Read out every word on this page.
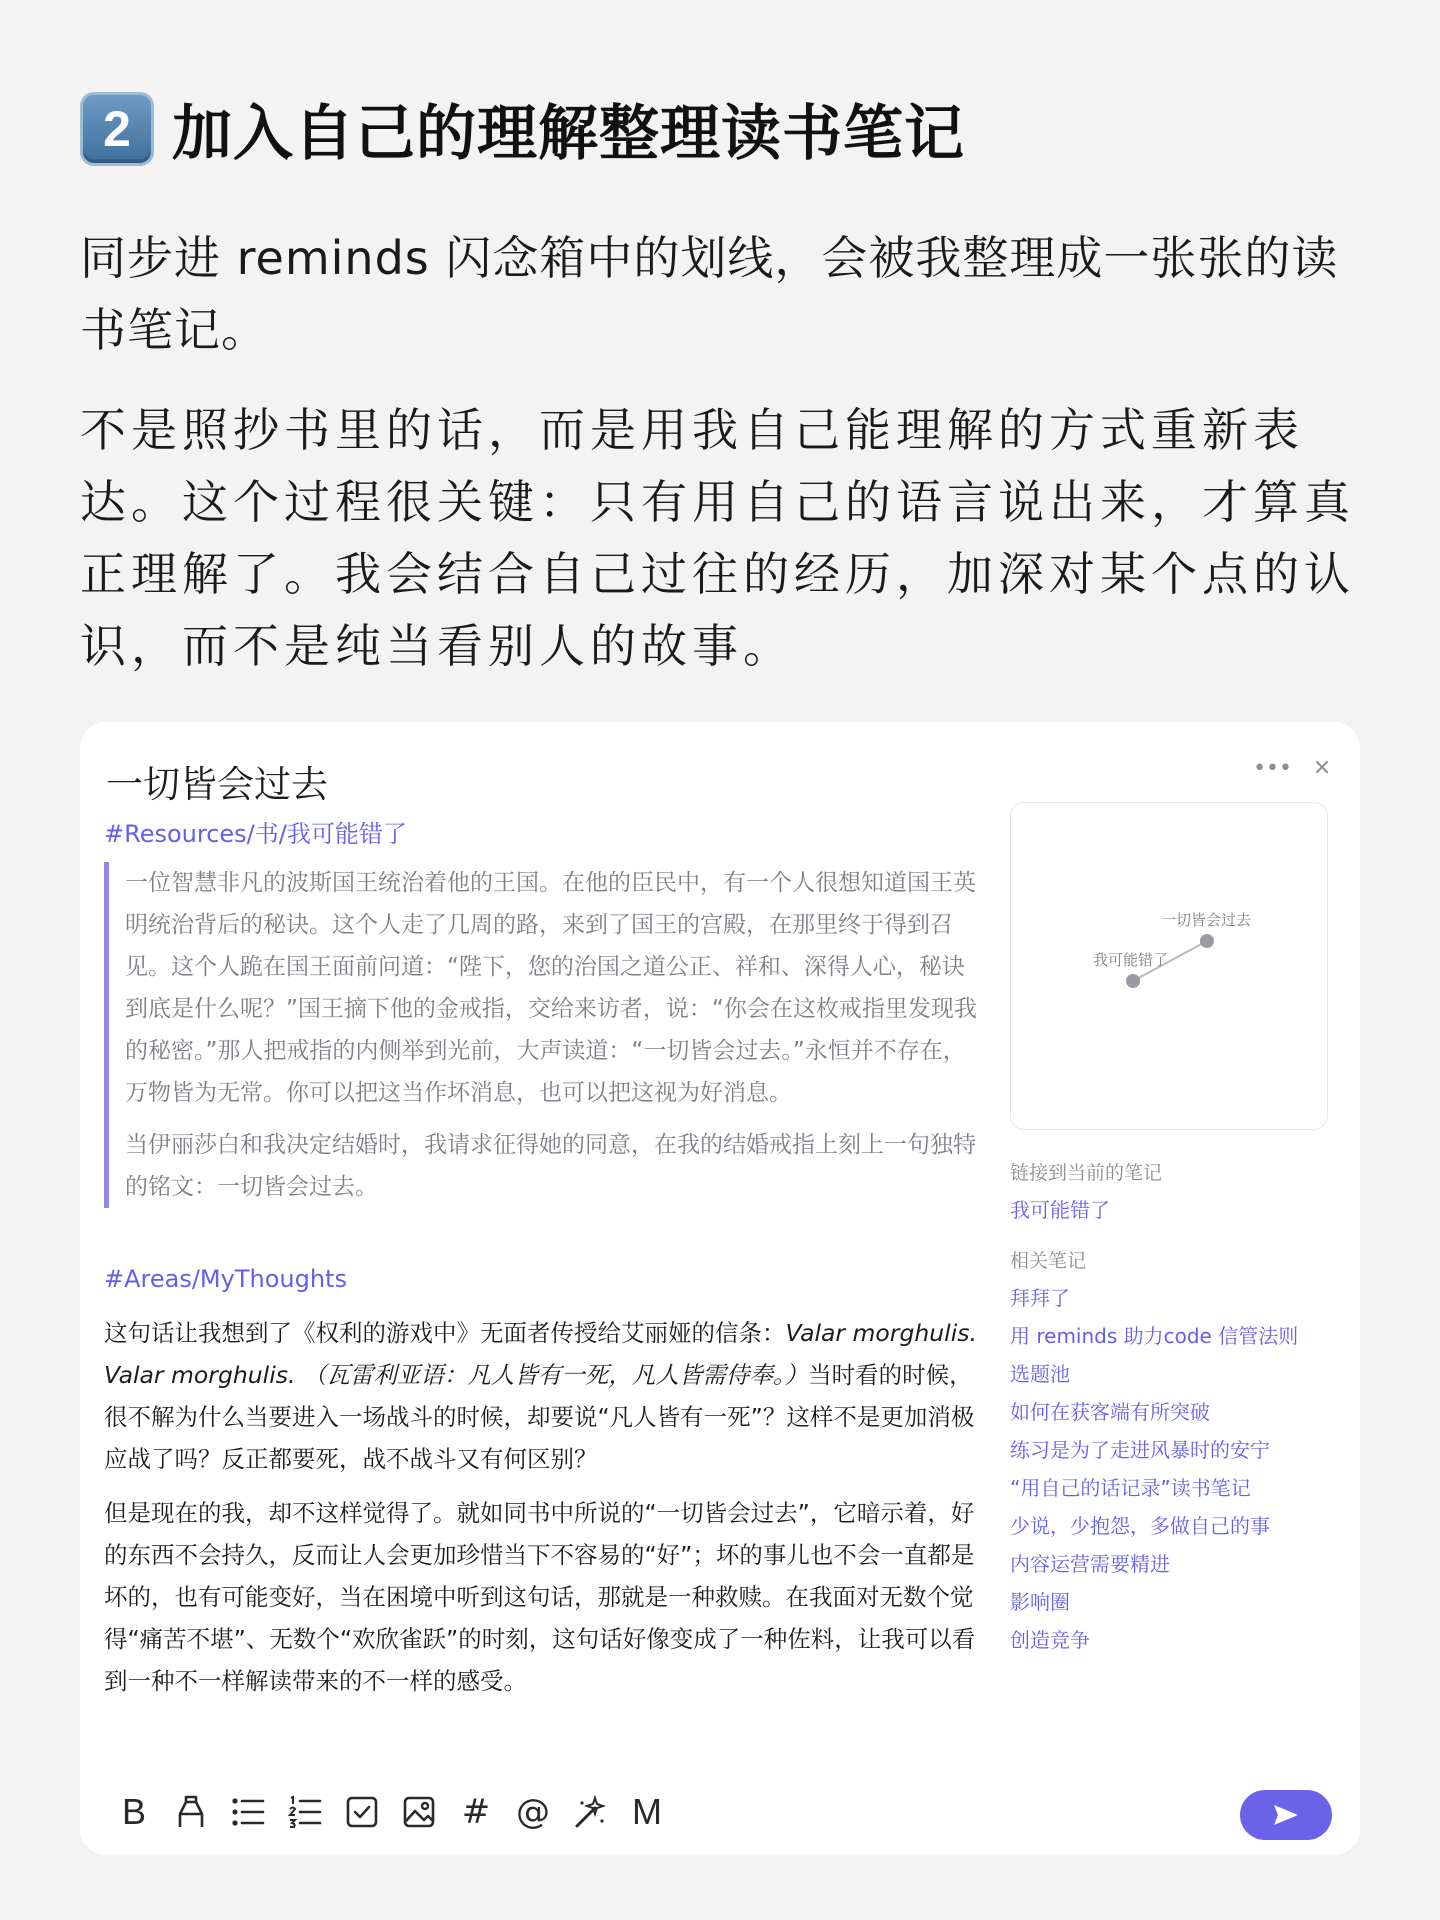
2 加入自己的理解整理读书笔记
同步进 reminds 闪念箱中的划线，会被我整理成一张张的读书笔记。
不是照抄书里的话，而是用我自己能理解的方式重新表达。这个过程很关键：只有用自己的语言说出来，才算真正理解了。我会结合自己过往的经历，加深对某个点的认识，而不是纯当看别人的故事。
一切皆会过去	•••
#Resources/书/我可能错了

一位智慧非凡的波斯国王统治着他的王国。在他的臣民中，有一个人很想知道国王英明统治背后的秘诀。这个人走了几周的路，来到了国王的宫殿，在那里终于得到召见。这个人跪在国王面前问道：“陛下，您的治国之道公正、祥和、深得人心，秘诀到底是什么呢？”国王摘下他的金戒指，交给来访者，说：“你会在这枚戒指里发现我的秘密。”那人把戒指的内侧举到光前，大声读道：“一切皆会过去。”永恒并不存在，万物皆为无常。你可以把这当作坏消息，也可以把这视为好消息。

当伊丽莎白和我决定结婚时，我请求征得她的同意，在我的结婚戒指上刻上一句独特的铭文：一切皆会过去。

#Areas/MyThoughts
这句话让我想到了《权利的游戏中》无面者传授给艾丽娅的信条：Valar morghulis. Valar morghulis. （瓦雷利亚语：凡人皆有一死，凡人皆需侍奉。）当时看的时候，很不解为什么当要进入一场战斗的时候，却要说“凡人皆有一死”？这样不是更加消极应战了吗？反正都要死，战不战斗又有何区别？
但是现在的我，却不这样觉得了。就如同书中所说的“一切皆会过去”，它暗示着，好的东西不会持久，反而让人会更加珍惜当下不容易的“好”；坏的事儿也不会一直都是坏的，也有可能变好，当在困境中听到这句话，那就是一种救赎。在我面对无数个觉得“痛苦不堪”、无数个“欢欣雀跃”的时刻，这句话好像变成了一种佐料，让我可以看到一种不一样解读带来的不一样的感受。
一切皆会过去
我可能错了
链接到当前的笔记
我可能错了
相关笔记
拜拜了
用 reminds 助力code 信管法则
选题池
如何在获客端有所突破
练习是为了走进风暴时的安宁
“用自己的话记录”读书笔记
少说，少抱怨，多做自己的事
内容运营需要精进
影响圈
创造竞争
B	# @ M
